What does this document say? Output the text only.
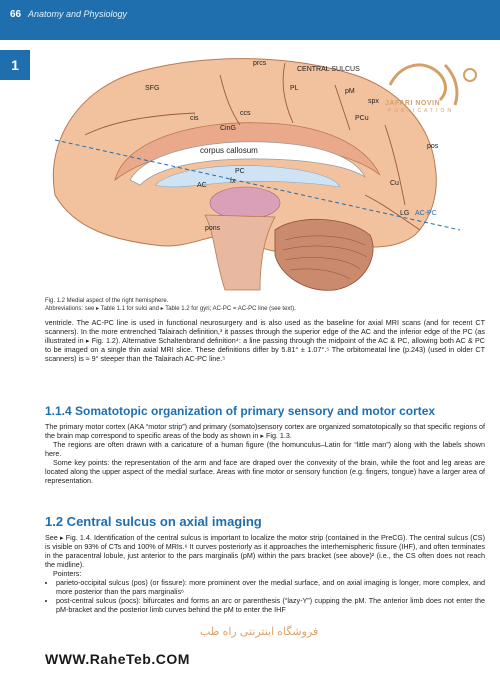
66 Anatomy and Physiology
1	prcs
CENTRAL SULCUS
PL	pM
spx
PCu
pos
SFG
cis
ccs
CinG
corpus callosum
fx
PC
AC
pons
Cu
LG AC-PC
JAFARI NOVIN
PUBLICATION
Fig. 1.2 Medial aspect of the right hemisphere.
Abbreviations: see ▸ Table 1.1 for sulci and ▸ Table 1.2 for gyri; AC-PC = AC-PC line (see text).

ventricle. The AC-PC line is used in functional neurosurgery and is also used as the baseline for axial MRI scans (and for recent CT scanners). In the more entrenched Talairach definition,³ it passes through the superior edge of the AC and the inferior edge of the PC (as illustrated in ▸ Fig. 1.2). Alternative Schaltenbrand definition⁴: a line passing through the midpoint of the AC & PC, allowing both AC & PC to be imaged on a single thin axial MRI slice. These definitions differ by 5.81° ± 1.07°.⁵ The orbitomeatal line (p.243) (used in older CT scanners) is ≈ 9° steeper than the Talairach AC-PC line.⁵

1.1.4 Somatotopic organization of primary sensory and motor cortex

The primary motor cortex (AKA “motor strip”) and primary (somato)sensory cortex are organized somatotopically so that specific regions of the brain map correspond to specific areas of the body as shown in ▸ Fig. 1.3.

The regions are often drawn with a caricature of a human figure (the homunculus–Latin for “little man”) along with the labels shown here.

Some key points: the representation of the arm and face are draped over the convexity of the brain, while the foot and leg areas are located along the upper aspect of the medial surface. Areas with fine motor or sensory function (e.g. fingers, tongue) have a larger area of representation.

1.2 Central sulcus on axial imaging

See ▸ Fig. 1.4. Identification of the central sulcus is important to localize the motor strip (contained in the PreCG). The central sulcus (CS) is visible on 93% of CTs and 100% of MRIs.⁶ It curves posteriorly as it approaches the interhemispheric fissure (IHF), and often terminates in the paracentral lobule, just anterior to the pars marginalis (pM) within the pars bracket (see above)² (i.e., the CS often does not reach the midline).

Pointers:

• parieto-occipital sulcus (pos) (or fissure): more prominent over the medial surface, and on axial imaging is longer, more complex, and more posterior than the pars marginalis⁶
• post-central sulcus (pocs): bifurcates and forms an arc or parenthesis (“lazy-Y”) cupping the pM. The anterior limb does not enter the pM-bracket and the posterior limb curves behind the pM to enter the IHF
فروشگاه اینترنتی راه طب
WWW.RaheTeb.COM
